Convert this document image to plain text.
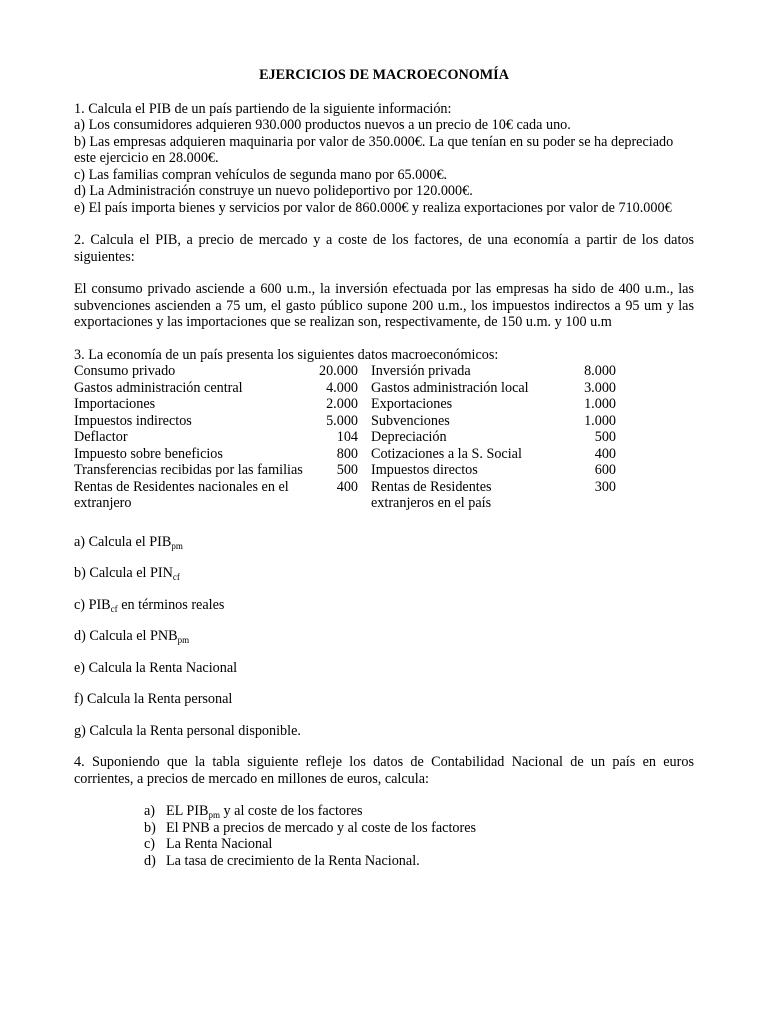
EJERCICIOS DE MACROECONOMÍA

1. Calcula el PIB de un país partiendo de la siguiente información:

a) Los consumidores adquieren 930.000 productos nuevos a un precio de 10€ cada uno.

b) Las empresas adquieren maquinaria por valor de 350.000€. La que tenían en su poder se ha depreciado este ejercicio en 28.000€.

c) Las familias compran vehículos de segunda mano por 65.000€.

d) La Administración construye un nuevo polideportivo por 120.000€.

e) El país importa bienes y servicios por valor de 860.000€ y realiza exportaciones por valor de 710.000€

2. Calcula el PIB, a precio de mercado y a coste de los factores, de una economía a partir de los datos siguientes:

El consumo privado asciende a 600 u.m., la inversión efectuada por las empresas ha sido de 400 u.m., las subvenciones ascienden a 75 um, el gasto público supone 200 u.m., los impuestos indirectos a 95 um y las exportaciones y las importaciones que se realizan son, respectivamente, de 150 u.m. y 100 u.m

3. La economía de un país presenta los siguientes datos macroeconómicos:

Consumo privado	20.000	Inversión privada	8.000
Gastos administración central	4.000	Gastos administración local	3.000
Importaciones	2.000	Exportaciones	1.000
Impuestos indirectos	5.000	Subvenciones	1.000
Deflactor	104	Depreciación	500
Impuesto sobre beneficios	800	Cotizaciones a la S. Social	400
Transferencias recibidas por las familias	500	Impuestos directos	600
Rentas de Residentes nacionales en el extranjero	400	Rentas de Residentes extranjeros en el país	300

a) Calcula el $PIB_{pm}$

b) Calcula el $PIN_{cf}$

c) $PIB_{cf}$ en términos reales

d) Calcula el $PNB_{pm}$

e) Calcula la Renta Nacional

f) Calcula la Renta personal

g) Calcula la Renta personal disponible.

4. Suponiendo que la tabla siguiente refleje los datos de Contabilidad Nacional de un país en euros corrientes, a precios de mercado en millones de euros, calcula:

a) EL $PIB_{pm}$ y al coste de los factores
b) El PNB a precios de mercado y al coste de los factores
c) La Renta Nacional
d) La tasa de crecimiento de la Renta Nacional.
